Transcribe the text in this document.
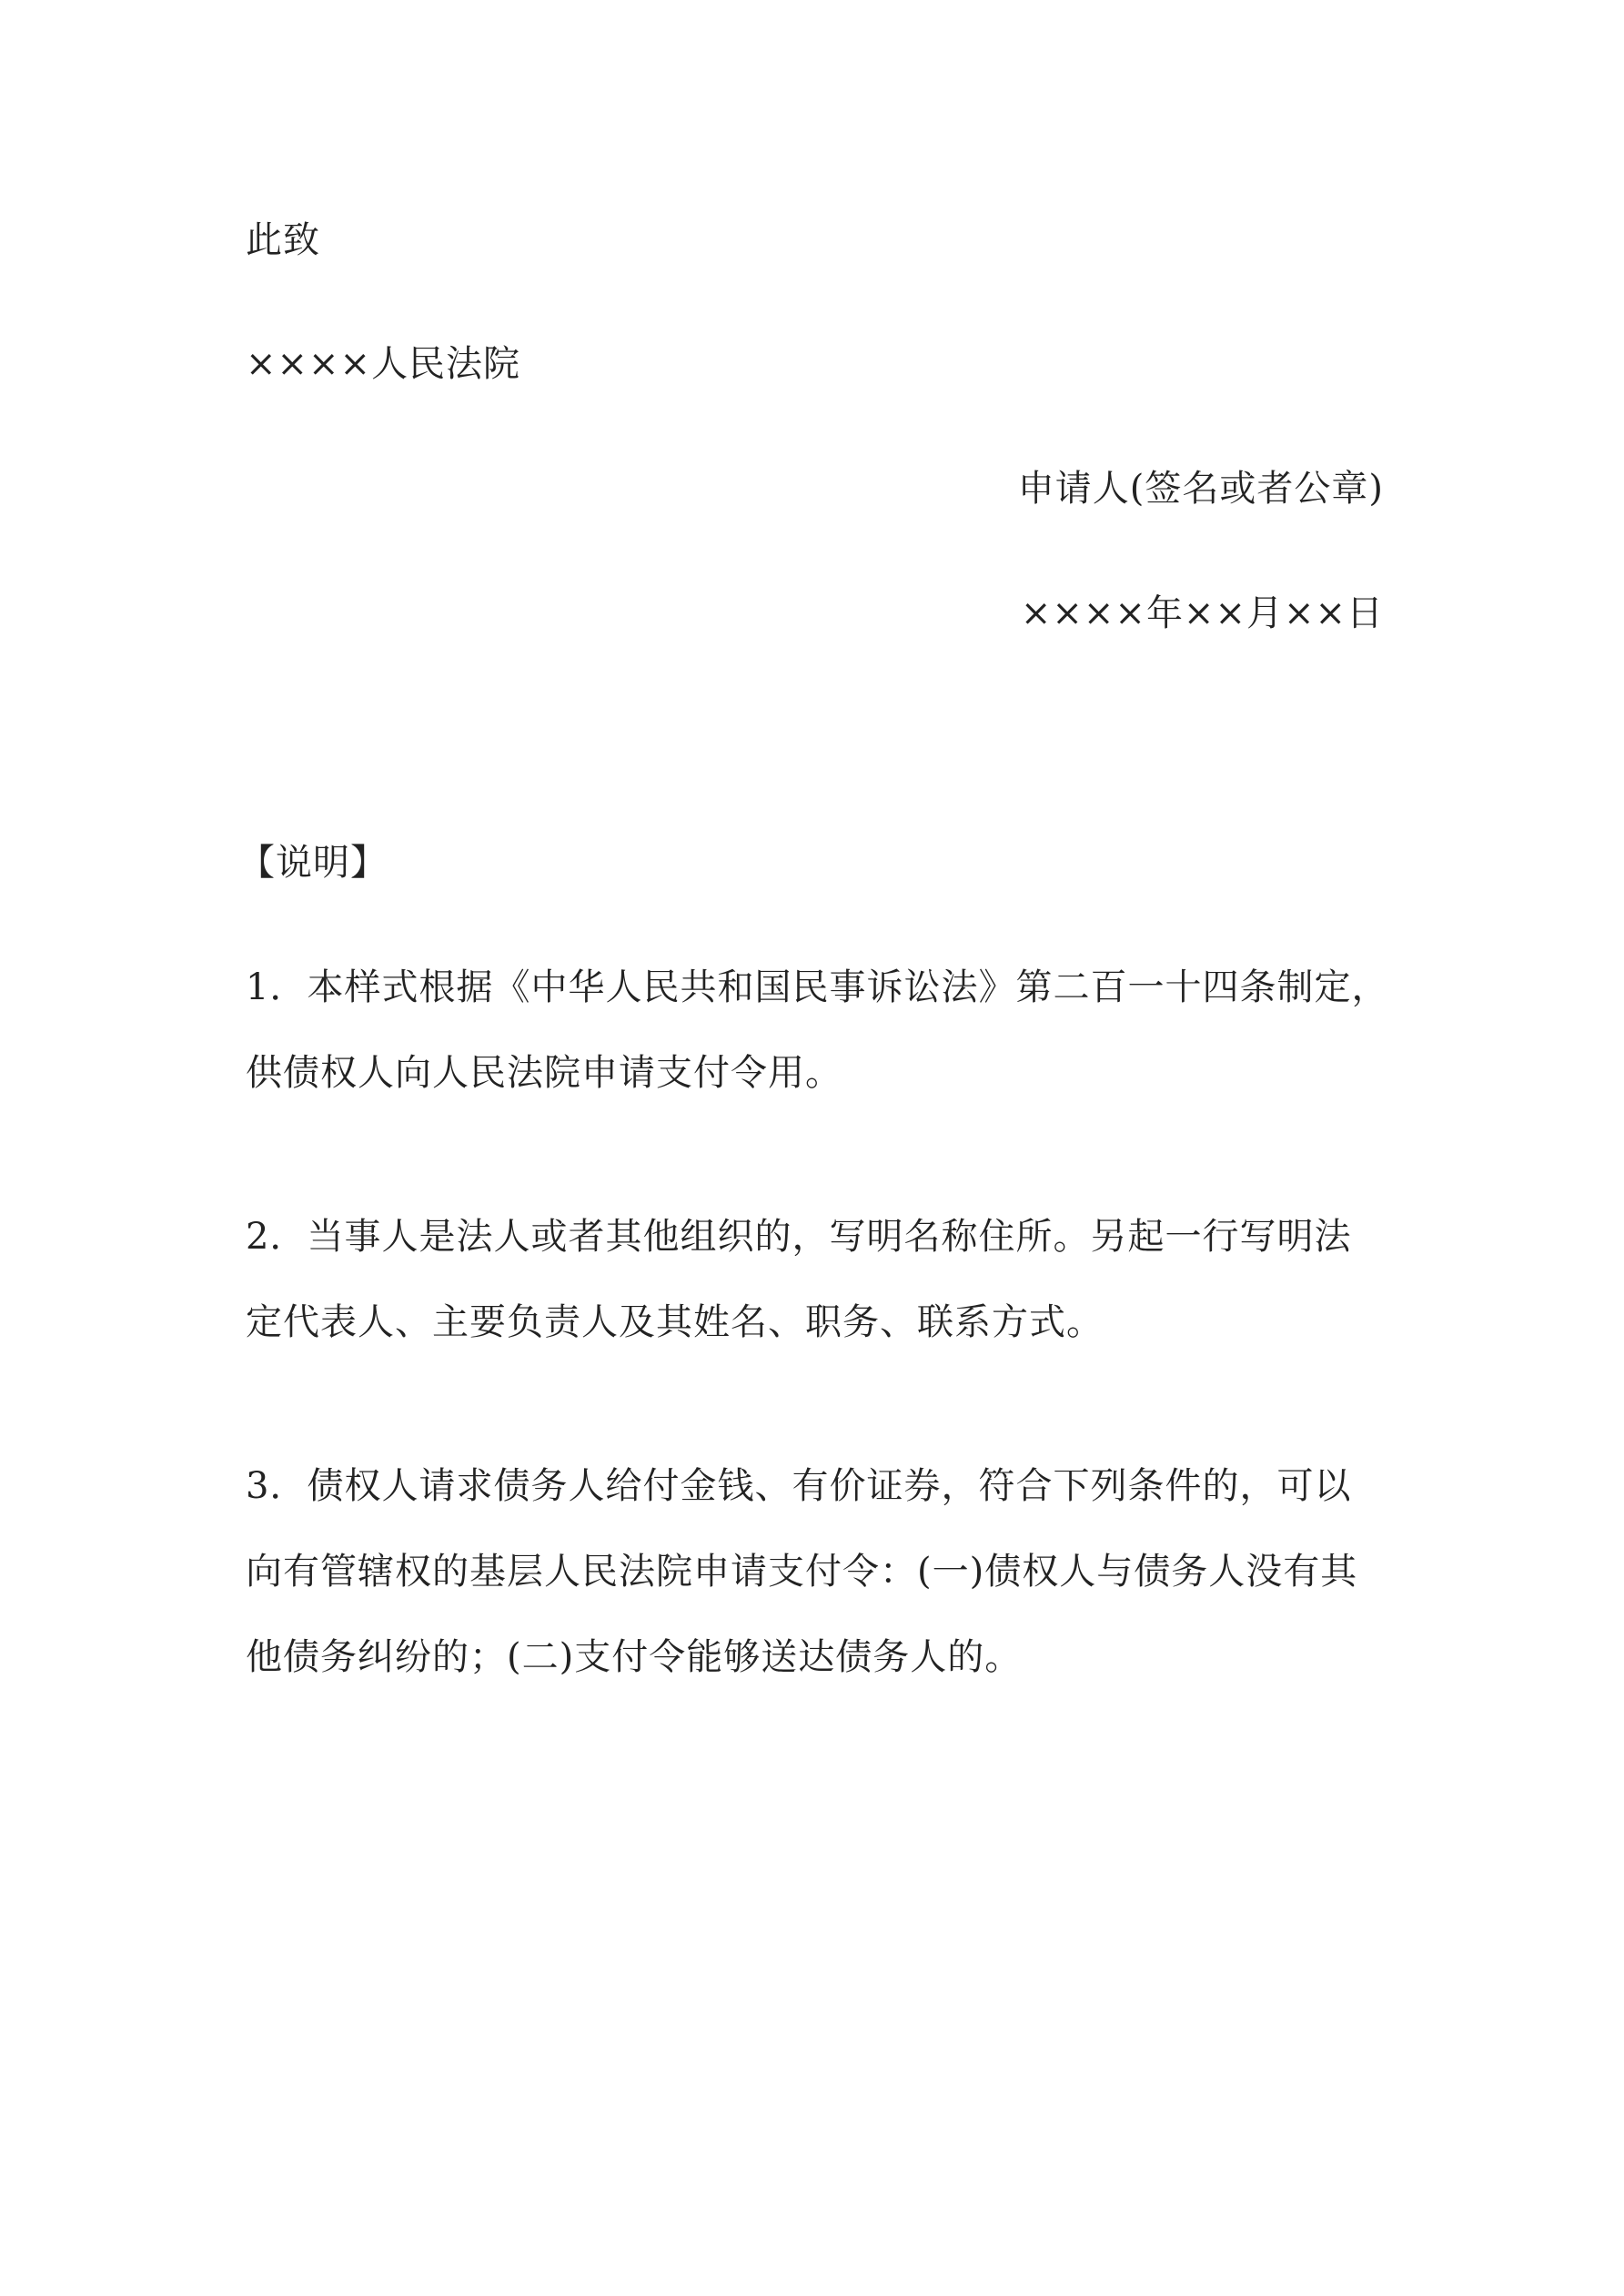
此致
××××人民法院
申请人(签名或者公章)
××××年××月××日
【说明】
1．本样式根据《中华人民共和国民事诉讼法》第二百一十四条制定，
供债权人向人民法院申请支付令用。
2．当事人是法人或者其他组织的，写明名称住所。另起一行写明法
定代表人、主要负责人及其姓名、职务、联系方式。
3．债权人请求债务人给付金钱、有价证券，符合下列条件的，可以
向有管辖权的基层人民法院申请支付令：(一)债权人与债务人没有其
他债务纠纷的；(二)支付令能够送达债务人的。
